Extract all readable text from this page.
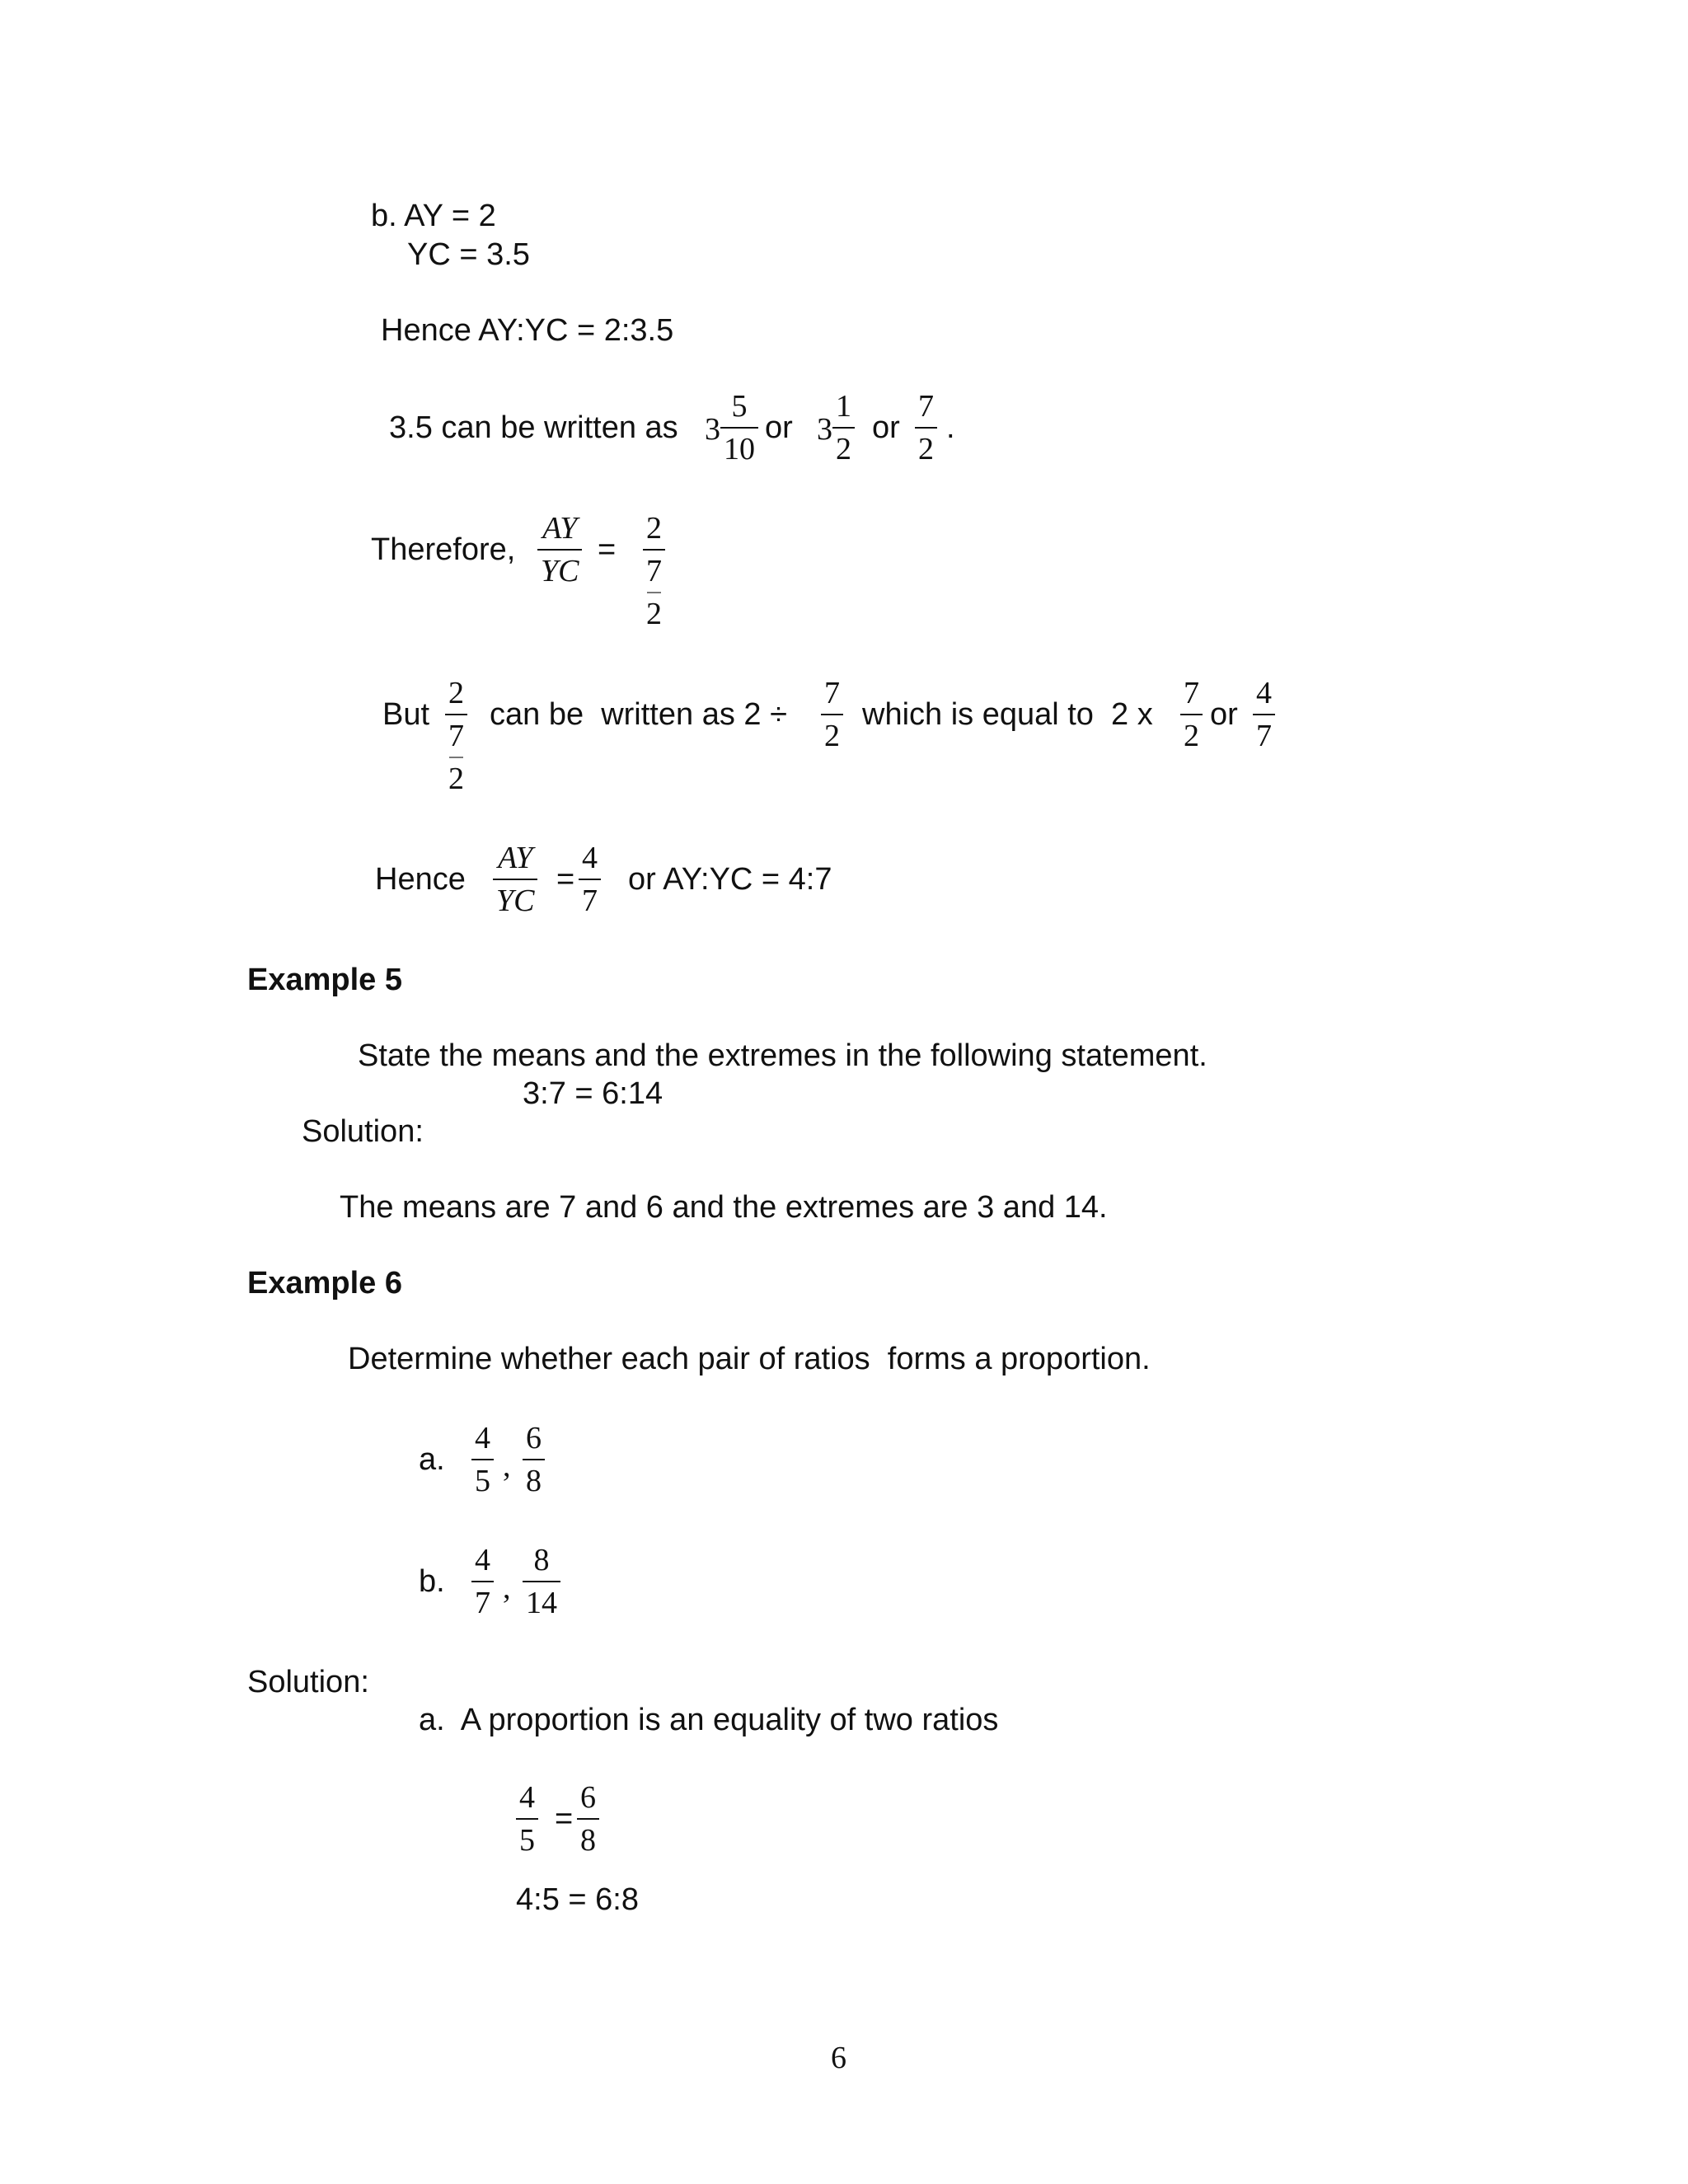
b. AY = 2
YC = 3.5
Hence AY:YC = 2:3.5
3.5 can be written as 3
5
10
or 3
1
2
or
7
2
.
Therefore,
AY
YC
=
2
7
2
But
2
7
2
can be  written as 2 ÷
7
2
which is equal to  2 x
7
2
or
4
7
Hence
AY
YC
=
4
7
or AY:YC = 4:7
Example 5
State the means and the extremes in the following statement.
3:7 = 6:14
Solution:
The means are 7 and 6 and the extremes are 3 and 14.
Example 6
Determine whether each pair of ratios  forms a proportion.
a.
4
5 ,
6
8
b.
4
7 ,
8
14
Solution:
a.  A proportion is an equality of two ratios
4
5
=
6
8
4:5 = 6:8
6
